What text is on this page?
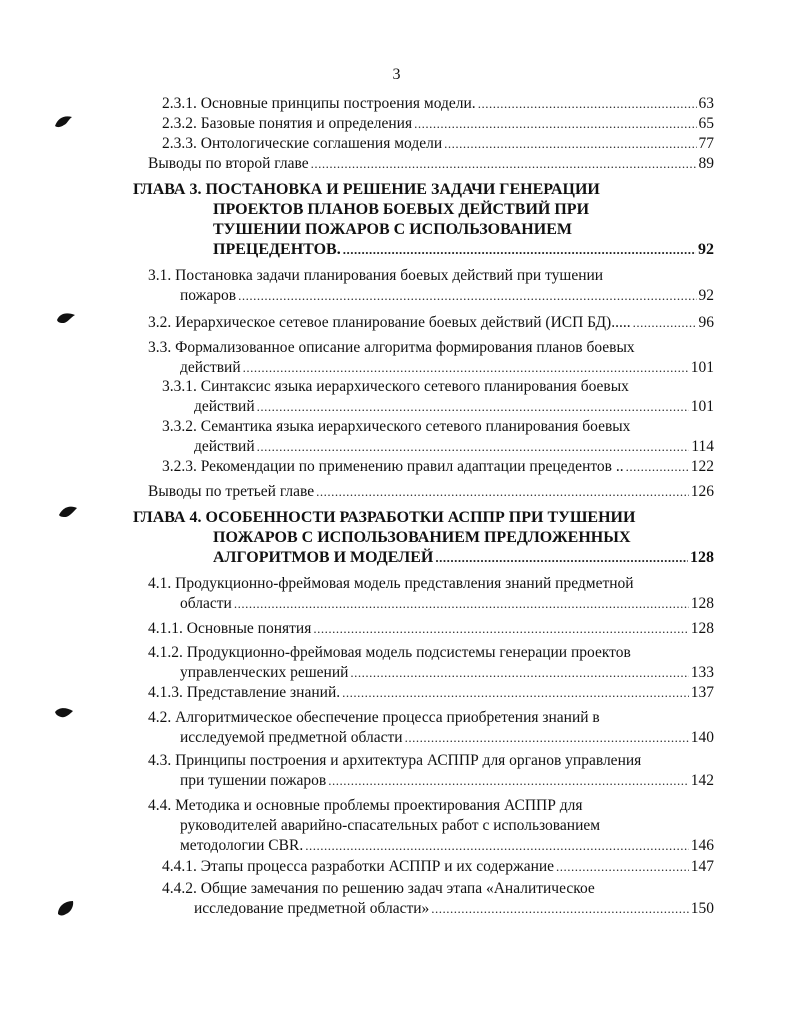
3
2.3.1. Основные принципы построения модели. .....	63
2.3.2. Базовые понятия и определения .....	65
2.3.3. Онтологические соглашения модели .....	77
Выводы по второй главе .....	89
ГЛАВА 3. ПОСТАНОВКА И РЕШЕНИЕ ЗАДАЧИ ГЕНЕРАЦИИ
ПРОЕКТОВ ПЛАНОВ БОЕВЫХ ДЕЙСТВИЙ ПРИ
ТУШЕНИИ ПОЖАРОВ С ИСПОЛЬЗОВАНИЕМ
ПРЕЦЕДЕНТОВ. .....	92
3.1. Постановка задачи планирования боевых действий при тушении
пожаров .....	92
3.2. Иерархическое сетевое планирование боевых действий (ИСП БД)..... .....	96
3.3. Формализованное описание алгоритма формирования планов боевых
действий .....	101
3.3.1. Синтаксис языка иерархического сетевого планирования боевых
действий .....	101
3.3.2. Семантика языка иерархического сетевого планирования боевых
действий .....	114
3.2.3. Рекомендации по применению правил адаптации прецедентов .. .....	122
Выводы по третьей главе .....	126
ГЛАВА 4. ОСОБЕННОСТИ РАЗРАБОТКИ АСППР ПРИ ТУШЕНИИ
ПОЖАРОВ С ИСПОЛЬЗОВАНИЕМ ПРЕДЛОЖЕННЫХ
АЛГОРИТМОВ И МОДЕЛЕЙ .....	128
4.1. Продукционно-фреймовая модель представления знаний предметной
области .....	128
4.1.1. Основные понятия .....	128
4.1.2. Продукционно-фреймовая модель подсистемы генерации проектов
управленческих решений .....	133
4.1.3. Представление знаний. .....	137
4.2. Алгоритмическое обеспечение процесса приобретения знаний в
исследуемой предметной области .....	140
4.3. Принципы построения и архитектура АСППР для органов управления
при тушении пожаров .....	142
4.4. Методика и основные проблемы проектирования АСППР для
руководителей аварийно-спасательных работ с использованием
методологии CBR. .....	146
4.4.1. Этапы процесса разработки АСППР и их содержание .....	147
4.4.2. Общие замечания по решению задач этапа «Аналитическое
исследование предметной области» .....	150
